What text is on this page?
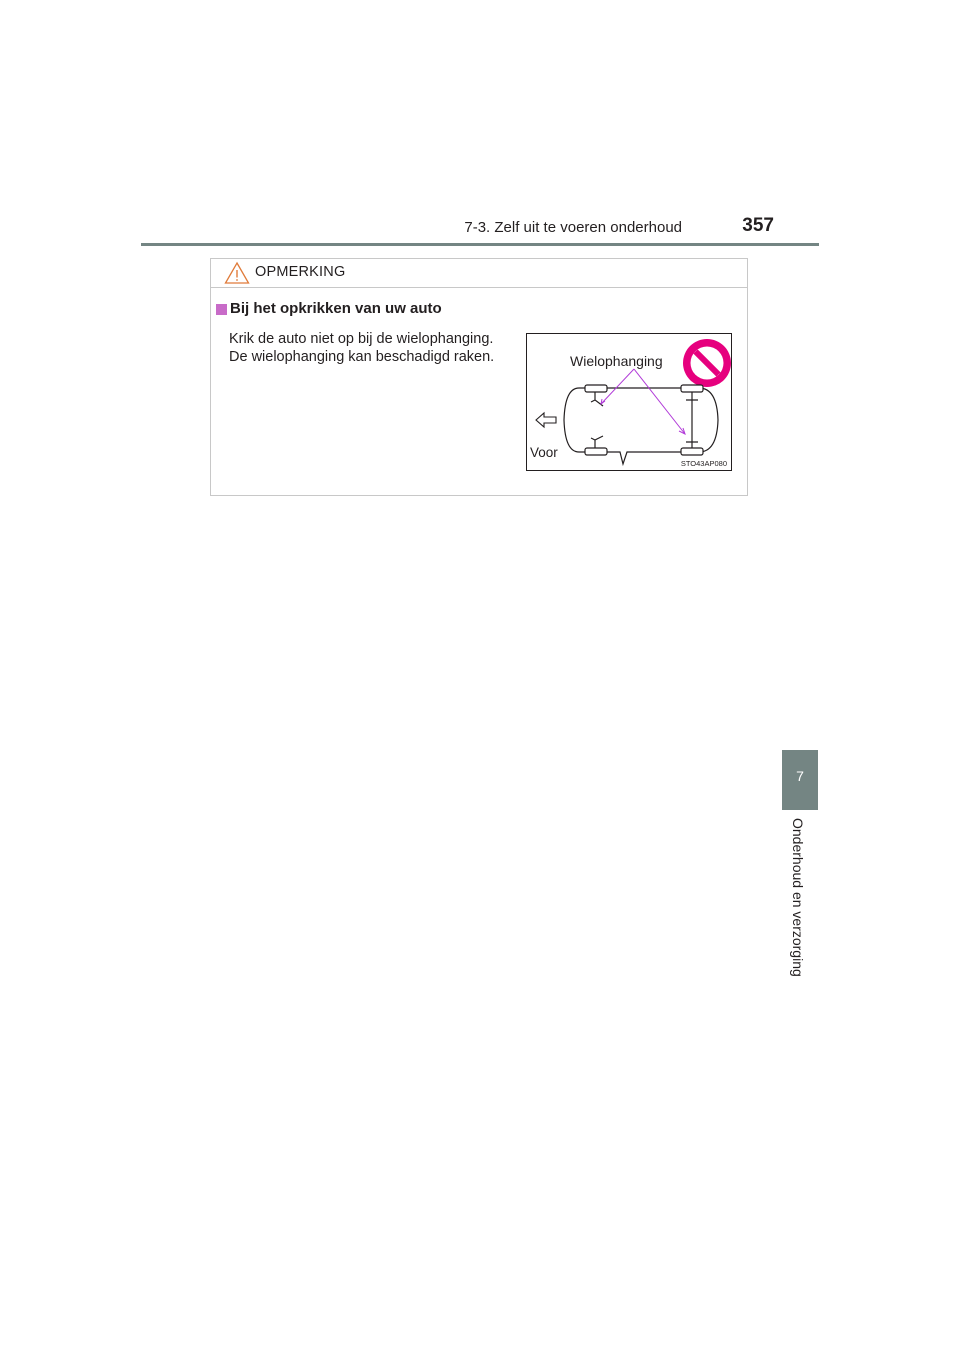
7-3. Zelf uit te voeren onderhoud	357
OPMERKING
Bij het opkrikken van uw auto
Krik de auto niet op bij de wielophanging.
De wielophanging kan beschadigd raken.	Wielophanging
Voor
STO43AP080
7
Onderhoud en verzorging
